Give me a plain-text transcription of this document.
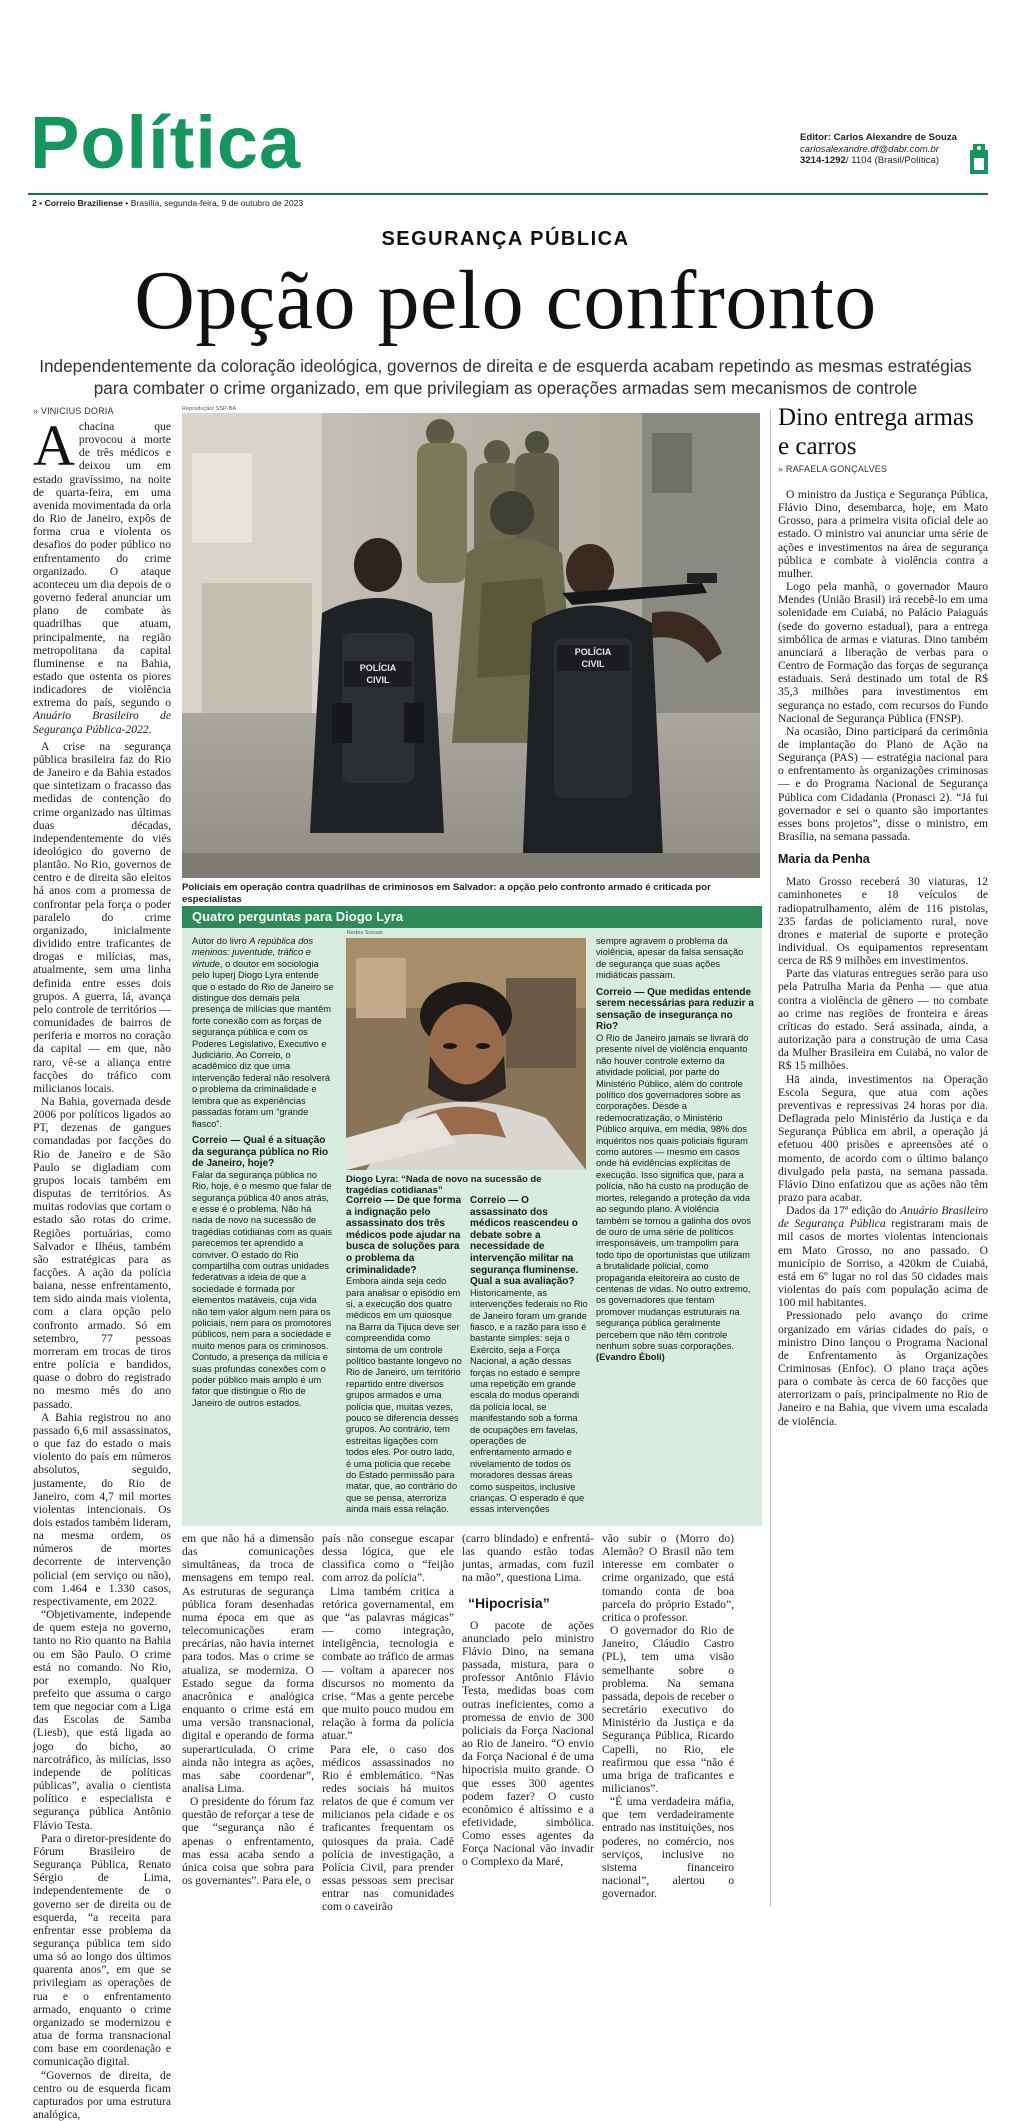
Política	Editor: Carlos Alexandre de Souza
carlosalexandre.df@dabr.com.br
3214-1292/ 1104 (Brasil/Política)
2 • Correio Braziliense • Brasília, segunda-feira, 9 de outubro de 2023
SEGURANÇA PÚBLICA
Opção pelo confronto
Independentemente da coloração ideológica, governos de direita e de esquerda acabam repetindo as mesmas estratégias
para combater o crime organizado, em que privilegiam as operações armadas sem mecanismos de controle
» VINICIUS DORIA
Achacina que provocou a morte de três médicos e deixou um em estado gravíssimo, na noite de quarta-feira, em uma avenida movimentada da orla do Rio de Janeiro, expôs de forma crua e violenta os desafios do poder público no enfrentamento do crime organizado. O ataque aconteceu um dia depois de o governo federal anunciar um plano de combate às quadrilhas que atuam, principalmente, na região metropolitana da capital fluminense e na Bahia, estado que ostenta os piores indicadores de violência extrema do país, segundo o Anuário Brasileiro de Segurança Pública-2022.
A crise na segurança pública brasileira faz do Rio de Janeiro e da Bahia estados que sintetizam o fracasso das medidas de contenção do crime organizado nas últimas duas décadas, independentemente do viés ideológico do governo de plantão. No Rio, governos de centro e de direita são eleitos há anos com a promessa de confrontar pela força o poder paralelo do crime organizado, inicialmente dividido entre traficantes de drogas e milícias, mas, atualmente, sem uma linha definida entre esses dois grupos. A guerra, lá, avança pelo controle de territórios — comunidades de bairros de periferia e morros no coração da capital — em que, não raro, vê-se a aliança entre facções do tráfico com milicianos locais.
Na Bahia, governada desde 2006 por políticos ligados ao PT, dezenas de gangues comandadas por facções do Rio de Janeiro e de São Paulo se digladiam com grupos locais também em disputas de territórios. As muitas rodovias que cortam o estado são rotas do crime. Regiões portuárias, como Salvador e Ilhéus, também são estratégicas para as facções. A ação da polícia baiana, nesse enfrentamento, tem sido ainda mais violenta, com a clara opção pelo confronto armado. Só em setembro, 77 pessoas morreram em trocas de tiros entre polícia e bandidos, quase o dobro do registrado no mesmo mês do ano passado.
A Bahia registrou no ano passado 6,6 mil assassinatos, o que faz do estado o mais violento do país em números absolutos, seguido, justamente, do Rio de Janeiro, com 4,7 mil mortes violentas intencionais. Os dois estados também lideram, na mesma ordem, os números de mortes decorrente de intervenção policial (em serviço ou não), com 1.464 e 1.330 casos, respectivamente, em 2022.
“Objetivamente, independe de quem esteja no governo, tanto no Rio quanto na Bahia ou em São Paulo. O crime está no comando. No Rio, por exemplo, qualquer prefeito que assuma o cargo tem que negociar com a Liga das Escolas de Samba (Liesb), que está ligada ao jogo do bicho, ao narcotráfico, às milícias, isso independe de políticas públicas”, avalia o cientista político e especialista e segurança pública Antônio Flávio Testa.
Para o diretor-presidente do Fórum Brasileiro de Segurança Pública, Renato Sérgio de Lima, independentemente de o governo ser de direita ou de esquerda, “a receita para enfrentar esse problema da segurança pública tem sido uma só ao longo dos últimos quarenta anos”, em que se privilegiam as operações de rua e o enfrentamento armado, enquanto o crime organizado se modernizou e atua de forma transnacional com base em coordenação e comunicação digital.
“Governos de direita, de centro ou de esquerda ficam capturados por uma estrutura analógica,
Reprodução/ SSP-BA
POLÍCIA
CIVIL
POLÍCIA
CIVIL
Policiais em operação contra quadrilhas de criminosos em Salvador: a opção pelo confronto armado é criticada por especialistas
Quatro perguntas para Diogo Lyra
Redes Sociais
Autor do livro A república dos meninos: juventude, tráfico e virtude, o doutor em sociologia pelo Iuperj Diogo Lyra entende que o estado do Rio de Janeiro se distingue dos demais pela presença de milícias que mantêm forte conexão com as forças de segurança pública e com os Poderes Legislativo, Executivo e Judiciário. Ao Correio, o acadêmico diz que uma intervenção federal não resolverá o problema da criminalidade e lembra que as experiências passadas foram um “grande fiasco”.
Correio — Qual é a situação da segurança pública no Rio de Janeiro, hoje?
Falar da segurança pública no Rio, hoje, é o mesmo que falar de segurança pública 40 anos atrás, e esse é o problema. Não há nada de novo na sucessão de tragédias cotidianas com as quais parecemos ter aprendido a conviver. O estado do Rio compartilha com outras unidades federativas a ideia de que a sociedade é formada por elementos matáveis, cuja vida não tem valor algum nem para os policiais, nem para os promotores públicos, nem para a sociedade e muito menos para os criminosos. Contudo, a presença da milícia e suas profundas conexões com o poder público mais amplo é um fator que distingue o Rio de Janeiro de outros estados.
Diogo Lyra: “Nada de novo na sucessão de tragédias cotidianas”
Correio — De que forma a indignação pelo assassinato dos três médicos pode ajudar na busca de soluções para o problema da criminalidade?
Embora ainda seja cedo para analisar o episódio em si, a execução dos quatro médicos em um quiosque na Barra da Tijuca deve ser compreendida como sintoma de um controle político bastante longevo no Rio de Janeiro, um território repartido entre diversos grupos armados e uma polícia que, muitas vezes, pouco se diferencia desses grupos. Ao contrário, tem estreitas ligações com todos eles. Por outro lado, é uma polícia que recebe do Estado permissão para matar, que, ao contrário do que se pensa, aterroriza ainda mais essa relação.
Correio — O assassinato dos médicos reascendeu o debate sobre a necessidade de intervenção militar na segurança fluminense. Qual a sua avaliação?
Historicamente, as intervenções federais no Rio de Janeiro foram um grande fiasco, e a razão para isso é bastante simples: seja o Exército, seja a Força Nacional, a ação dessas forças no estado é sempre uma repetição em grande escala do modus operandi da polícia local, se manifestando sob a forma de ocupações em favelas, operações de enfrentamento armado e nivelamento de todos os moradores dessas áreas como suspeitos, inclusive crianças. O esperado é que essas intervenções
sempre agravem o problema da violência, apesar da falsa sensação de segurança que suas ações midiáticas passam.
Correio — Que medidas entende serem necessárias para reduzir a sensação de insegurança no Rio?
O Rio de Janeiro jamais se livrará do presente nível de violência enquanto não houver controle externo da atividade policial, por parte do Ministério Público, além do controle político dos governadores sobre as corporações. Desde a redemocratização, o Ministério Público arquiva, em média, 98% dos inquéritos nos quais policiais figuram como autores — mesmo em casos onde há evidências explícitas de execução. Isso significa que, para a polícia, não há custo na produção de mortes, relegando a proteção da vida ao segundo plano. A violência também se tornou a galinha dos ovos de ouro de uma série de políticos irresponsáveis, um trampolim para todo tipo de oportunistas que utilizam a brutalidade policial, como propaganda eleitoreira ao custo de centenas de vidas. No outro extremo, os governadores que tentam promover mudanças estruturais na segurança pública geralmente percebem que não têm controle nenhum sobre suas corporações. (Evandro Éboli)
em que não há a dimensão das comunicações simultâneas, da troca de mensagens em tempo real. As estruturas de segurança pública foram desenhadas numa época em que as telecomunicações eram precárias, não havia internet para todos. Mas o crime se atualiza, se moderniza. O Estado segue da forma anacrônica e analógica enquanto o crime está em uma versão transnacional, digital e operando de forma superarticulada. O crime ainda não integra as ações, mas sabe coordenar”, analisa Lima.
O presidente do fórum faz questão de reforçar a tese de que “segurança não é apenas o enfrentamento, mas essa acaba sendo a única coisa que sobra para os governantes”. Para ele, o
país não consegue escapar dessa lógica, que ele classifica como o “feijão com arroz da polícia”.
Lima também critica a retórica governamental, em que “as palavras mágicas” — como integração, inteligência, tecnologia e combate ao tráfico de armas — voltam a aparecer nos discursos no momento da crise. “Mas a gente percebe que muito pouco mudou em relação à forma da polícia atuar.”
Para ele, o caso dos médicos assassinados no Rio é emblemático. “Nas redes sociais há muitos relatos de que é comum ver milicianos pela cidade e os traficantes frequentam os quiosques da praia. Cadê polícia de investigação, a Polícia Civil, para prender essas pessoas sem precisar entrar nas comunidades com o caveirão
(carro blindado) e enfrentá-las quando estão todas juntas, armadas, com fuzil na mão”, questiona Lima.
“Hipocrisia”
O pacote de ações anunciado pelo ministro Flávio Dino, na semana passada, mistura, para o professor Antônio Flávio Testa, medidas boas com outras ineficientes, como a promessa de envio de 300 policiais da Força Nacional ao Rio de Janeiro. “O envio da Força Nacional é de uma hipocrisia muito grande. O que esses 300 agentes podem fazer? O custo econômico é altíssimo e a efetividade, simbólica. Como esses agentes da Força Nacional vão invadir o Complexo da Maré,
vão subir o (Morro do) Alemão? O Brasil não tem interesse em combater o crime organizado, que está tomando conta de boa parcela do próprio Estado”, critica o professor.
O governador do Rio de Janeiro, Cláudio Castro (PL), tem uma visão semelhante sobre o problema. Na semana passada, depois de receber o secretário executivo do Ministério da Justiça e da Segurança Pública, Ricardo Capelli, no Rio, ele reafirmou que essa “não é uma briga de traficantes e milicianos”.
“É uma verdadeira máfia, que tem verdadeiramente entrado nas instituições, nos poderes, no comércio, nos serviços, inclusive no sistema financeiro nacional”, alertou o governador.
Dino entrega armas e carros
» RAFAELA GONÇALVES
O ministro da Justiça e Segurança Pública, Flávio Dino, desembarca, hoje, em Mato Grosso, para a primeira visita oficial dele ao estado. O ministro vai anunciar uma série de ações e investimentos na área de segurança pública e combate à violência contra a mulher.
Logo pela manhã, o governador Mauro Mendes (União Brasil) irá recebê-lo em uma solenidade em Cuiabá, no Palácio Paiaguás (sede do governo estadual), para a entrega simbólica de armas e viaturas. Dino também anunciará a liberação de verbas para o Centro de Formação das forças de segurança estaduais. Será destinado um total de R$ 35,3 milhões para investimentos em segurança no estado, com recursos do Fundo Nacional de Segurança Pública (FNSP).
Na ocasião, Dino participará da cerimônia de implantação do Plano de Ação na Segurança (PAS) — estratégia nacional para o enfrentamento às organizações criminosas — e do Programa Nacional de Segurança Pública com Cidadania (Pronasci 2). “Já fui governador e sei o quanto são importantes esses bons projetos”, disse o ministro, em Brasília, na semana passada.
Maria da Penha
Mato Grosso receberá 30 viaturas, 12 caminhonetes e 18 veículos de radiopatrulhamento, além de 116 pistolas, 235 fardas de policiamento rural, nove drones e material de suporte e proteção individual. Os equipamentos representam cerca de R$ 9 milhões em investimentos.
Parte das viaturas entregues serão para uso pela Patrulha Maria da Penha — que atua contra a violência de gênero — no combate ao crime nas regiões de fronteira e áreas críticas do estado. Será assinada, ainda, a autorização para a construção de uma Casa da Mulher Brasileira em Cuiabá, no valor de R$ 15 milhões.
Hā ainda, investimentos na Operação Escola Segura, que atua com ações preventivas e repressivas 24 horas por dia. Deflagrada pelo Ministério da Justiça e da Segurança Pública em abril, a operação já efetuou 400 prisões e apreensões até o momento, de acordo com o último balanço divulgado pela pasta, na semana passada. Flávio Dino enfatizou que as ações não têm prazo para acabar.
Dados da 17ª edição do Anuário Brasileiro de Segurança Pública registraram mais de mil casos de mortes violentas intencionais em Mato Grosso, no ano passado. O município de Sorriso, a 420km de Cuiabá, está em 6º lugar no rol das 50 cidades mais violentas do país com população acima de 100 mil habitantes.
Pressionado pelo avanço do crime organizado em várias cidades do país, o ministro Dino lançou o Programa Nacional de Enfrentamento às Organizações Criminosas (Enfoc). O plano traça ações para o combate às cerca de 60 facções que aterrorizam o país, principalmente no Rio de Janeiro e na Bahia, que vivem uma escalada de violência.
